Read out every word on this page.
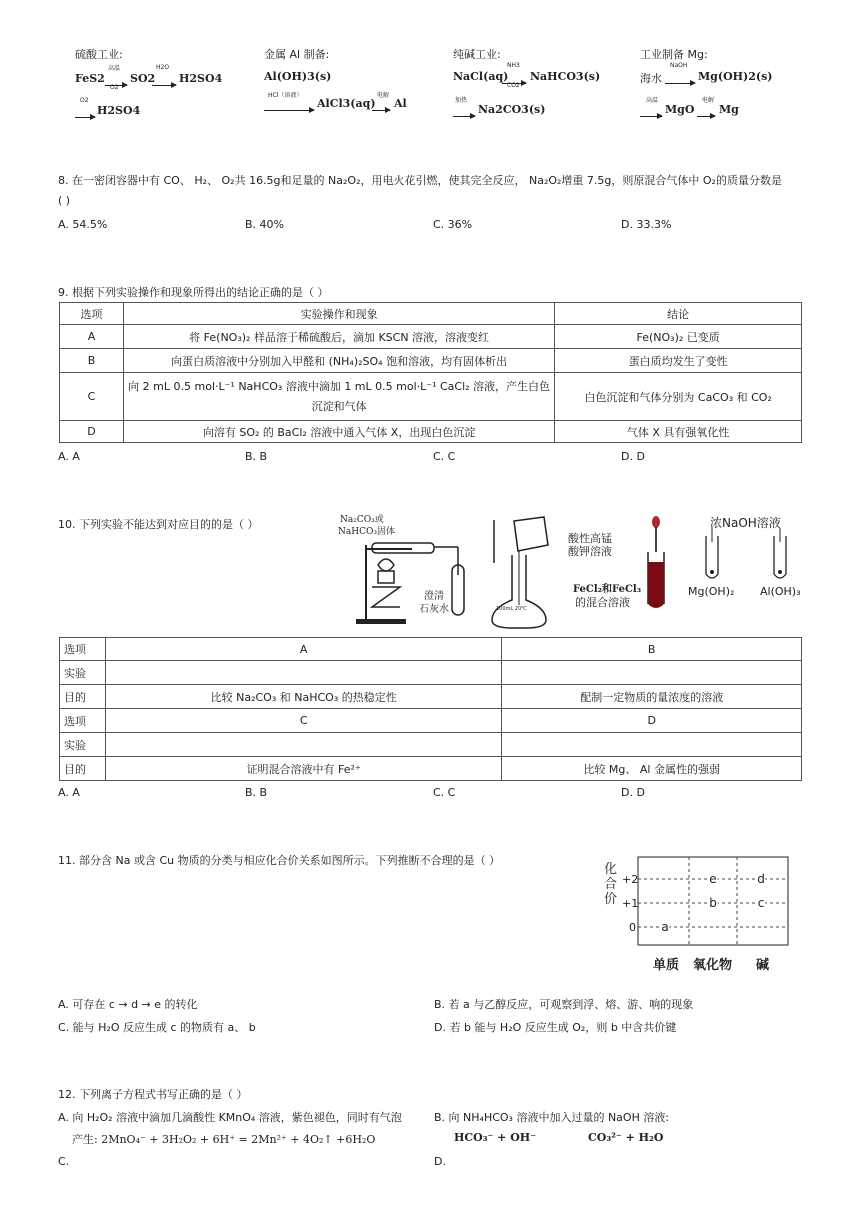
硫酸工业:
FeS2
高温
O2
SO2
H2O
H2SO4
O2
H2SO4
金属 Al 制备:
Al(OH)3(s)
HCl（溶液）
AlCl3(aq)
电解
Al
纯碱工业:
NaCl(aq)
NH3
CO2
NaHCO3(s)
加热
Na2CO3(s)
工业制备 Mg:
海水
NaOH
Mg(OH)2(s)
高温
MgO
电解
Mg
8. 在一密闭容器中有 CO、 H₂、 O₂共 16.5g和足量的 Na₂O₂，用电火花引燃，使其完全反应， Na₂O₂增重 7.5g，则原混合气体中 O₂的质量分数是
( )
A. 54.5%	B. 40%	C. 36%	D. 33.3%
9. 根据下列实验操作和现象所得出的结论正确的是（ ）
选项	实验操作和现象	结论
A	将 Fe(NO₃)₂ 样品溶于稀硫酸后，滴加 KSCN 溶液，溶液变红	Fe(NO₃)₂ 已变质
B	向蛋白质溶液中分别加入甲醛和 (NH₄)₂SO₄ 饱和溶液，均有固体析出	蛋白质均发生了变性
C	向 2 mL 0.5 mol·L⁻¹ NaHCO₃ 溶液中滴加 1 mL 0.5 mol·L⁻¹ CaCl₂ 溶液，产生白色沉淀和气体	白色沉淀和气体分别为 CaCO₃ 和 CO₂
D	向溶有 SO₂ 的 BaCl₂ 溶液中通入气体 X，出现白色沉淀	气体 X 具有强氧化性
A. A	B. B	C. C	D. D
10. 下列实验不能达到对应目的的是（ ）	Na₂CO₃或
NaHCO₃固体
澄清
石灰水	100mL 20℃
酸性高锰
酸钾溶液
FeCl₂和FeCl₃
的混合溶液
浓NaOH溶液
Mg(OH)₂ Al(OH)₃
选项	A	B
实验		
目的	比较 Na₂CO₃ 和 NaHCO₃ 的热稳定性	配制一定物质的量浓度的溶液
选项	C	D
实验		
目的	证明混合溶液中有 Fe²⁺	比较 Mg、 Al 金属性的强弱
A. A	B. B	C. C	D. D
11. 部分含 Na 或含 Cu 物质的分类与相应化合价关系如图所示。下列推断不合理的是（ ）
化合价
a
b	c
d
e
+2
+1
0
单质 氧化物 碱
A. 可存在 c → d → e 的转化	B. 若 a 与乙醇反应，可观察到浮、熔、游、响的现象
C. 能与 H₂O 反应生成 c 的物质有 a、 b	D. 若 b 能与 H₂O 反应生成 O₂，则 b 中含共价键
12. 下列离子方程式书写正确的是（ ）
A. 向 H₂O₂ 溶液中滴加几滴酸性 KMnO₄ 溶液，紫色褪色，同时有气泡
产生: 2MnO₄⁻ + 3H₂O₂ + 6H⁺ = 2Mn²⁺ + 4O₂↑ +6H₂O
B. 向 NH₄HCO₃ 溶液中加入过量的 NaOH 溶液:
HCO₃⁻ + OH⁻	CO₃²⁻ + H₂O
C.	D.
